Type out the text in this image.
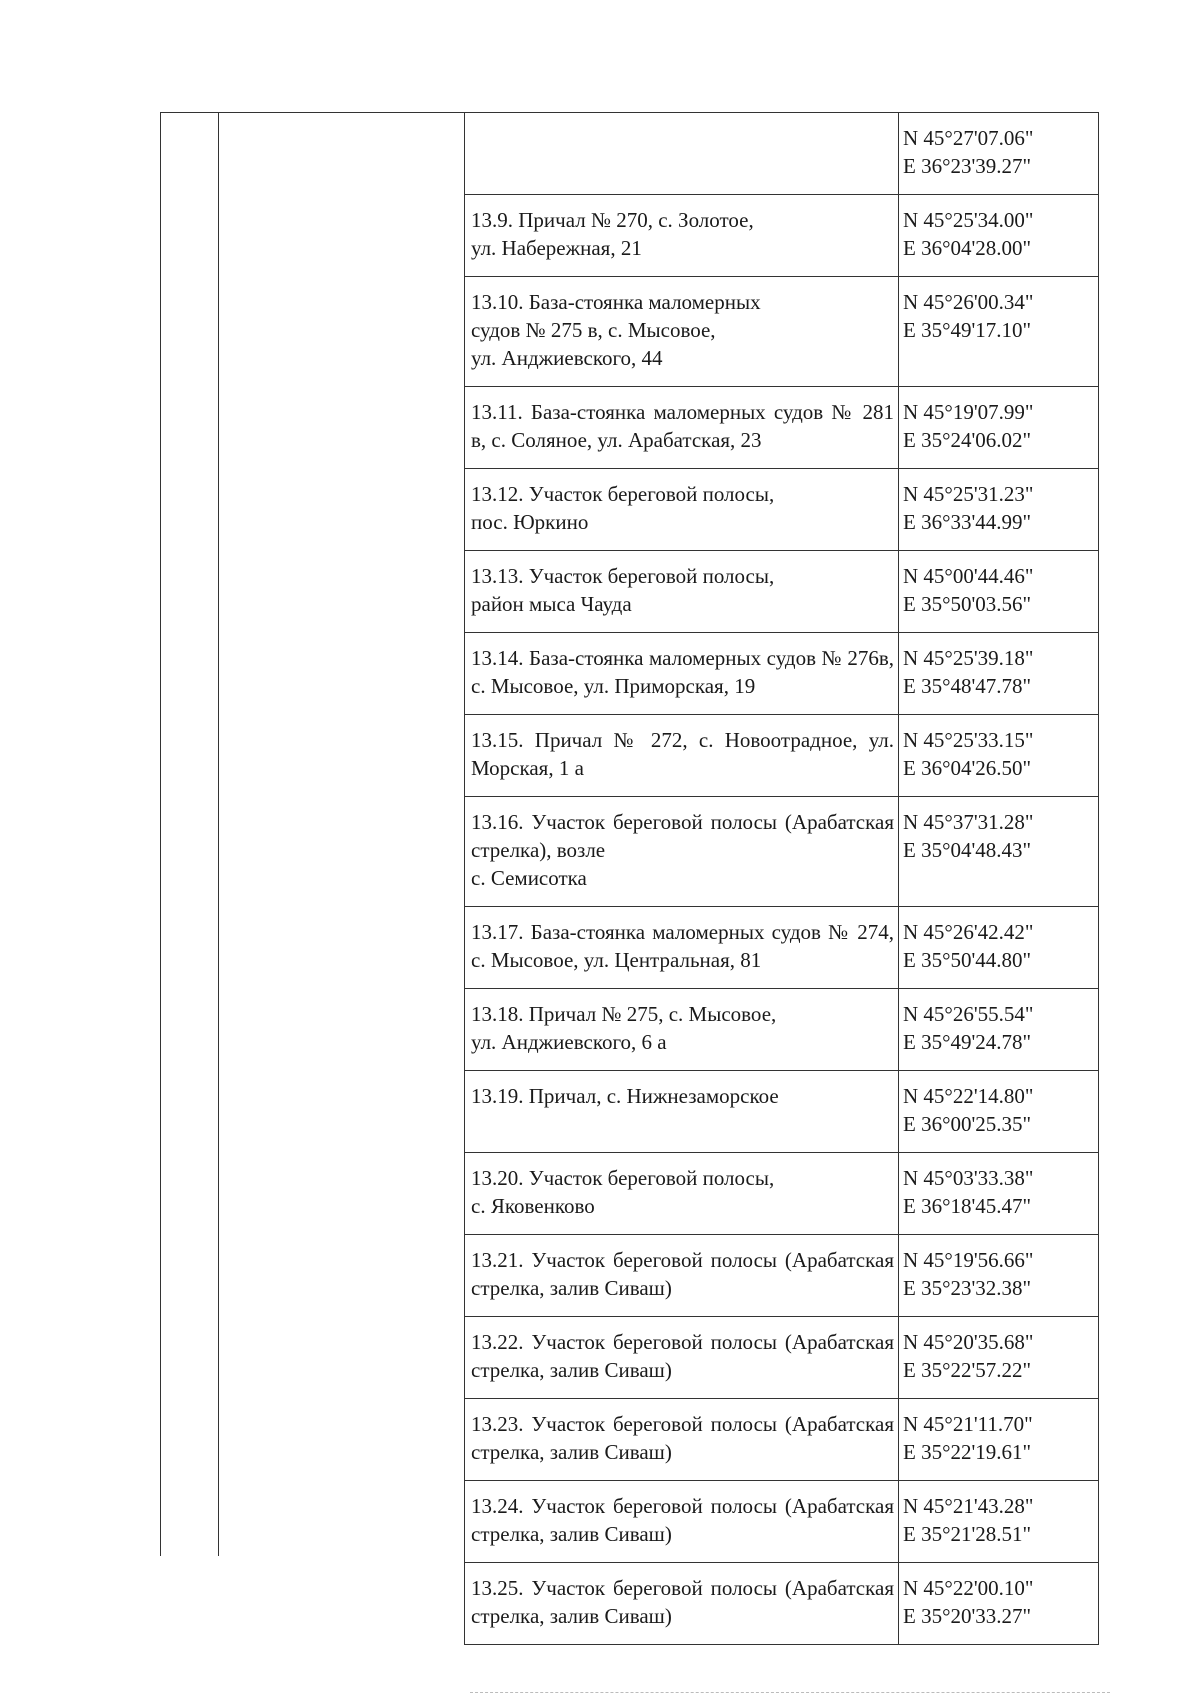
	N 45°27'07.06"
E 36°23'39.27"

13.9. Причал № 270, с. Золотое,
ул. Набережная, 21	N 45°25'34.00"
E 36°04'28.00"

13.10. База-стоянка маломерных
судов № 275 в, с. Мысовое,
ул. Анджиевского, 44	N 45°26'00.34"
E 35°49'17.10"

13.11. База-стоянка маломерных судов № 281 в, с. Соляное, ул. Арабатская, 23	N 45°19'07.99"
E 35°24'06.02"

13.12. Участок береговой полосы,
пос. Юркино	N 45°25'31.23"
E 36°33'44.99"

13.13. Участок береговой полосы,
район мыса Чауда	N 45°00'44.46"
E 35°50'03.56"

13.14. База-стоянка маломерных судов № 276в, с. Мысовое, ул. Приморская, 19	N 45°25'39.18"
E 35°48'47.78"

13.15. Причал № 272, с. Новоотрадное, ул. Морская, 1 а	N 45°25'33.15"
E 36°04'26.50"

13.16. Участок береговой полосы (Арабатская стрелка), возле
с. Семисотка	N 45°37'31.28"
E 35°04'48.43"

13.17. База-стоянка маломерных судов № 274, с. Мысовое, ул. Центральная, 81	N 45°26'42.42"
E 35°50'44.80"

13.18. Причал № 275, с. Мысовое,
ул. Анджиевского, 6 а	N 45°26'55.54"
E 35°49'24.78"

13.19. Причал, с. Нижнезаморское	N 45°22'14.80"
E 36°00'25.35"

13.20. Участок береговой полосы,
с. Яковенково	N 45°03'33.38"
E 36°18'45.47"

13.21. Участок береговой полосы (Арабатская стрелка, залив Сиваш)	N 45°19'56.66"
E 35°23'32.38"

13.22. Участок береговой полосы (Арабатская стрелка, залив Сиваш)	N 45°20'35.68"
E 35°22'57.22"

13.23. Участок береговой полосы (Арабатская стрелка, залив Сиваш)	N 45°21'11.70"
E 35°22'19.61"

13.24. Участок береговой полосы (Арабатская стрелка, залив Сиваш)	N 45°21'43.28"
E 35°21'28.51"

13.25. Участок береговой полосы (Арабатская стрелка, залив Сиваш)	N 45°22'00.10"
E 35°20'33.27"
